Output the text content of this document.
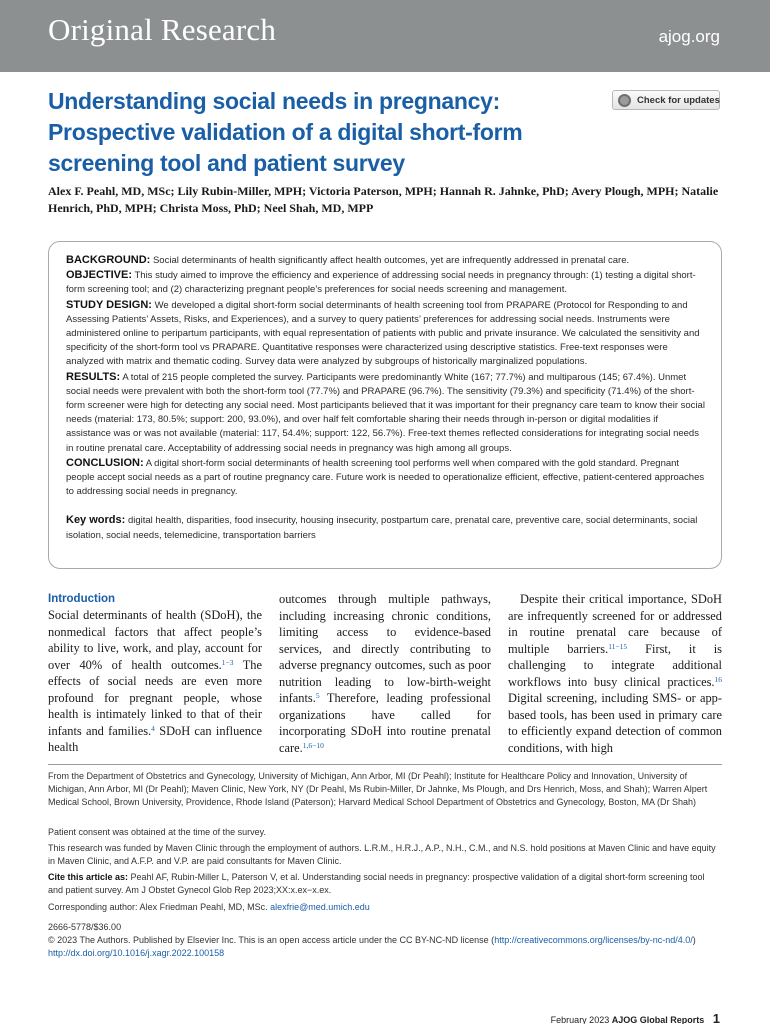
Original Research	ajog.org
Understanding social needs in pregnancy: Prospective validation of a digital short-form screening tool and patient survey
Check for updates
Alex F. Peahl, MD, MSc; Lily Rubin-Miller, MPH; Victoria Paterson, MPH; Hannah R. Jahnke, PhD; Avery Plough, MPH; Natalie Henrich, PhD, MPH; Christa Moss, PhD; Neel Shah, MD, MPP

BACKGROUND: Social determinants of health significantly affect health outcomes, yet are infrequently addressed in prenatal care.

OBJECTIVE: This study aimed to improve the efficiency and experience of addressing social needs in pregnancy through: (1) testing a digital short-form screening tool; and (2) characterizing pregnant people’s preferences for social needs screening and management.

STUDY DESIGN: We developed a digital short-form social determinants of health screening tool from PRAPARE (Protocol for Responding to and Assessing Patients’ Assets, Risks, and Experiences), and a survey to query patients’ preferences for addressing social needs. Instruments were administered online to peripartum participants, with equal representation of patients with public and private insurance. We calculated the sensitivity and specificity of the short-form tool vs PRAPARE. Quantitative responses were characterized using descriptive statistics. Free-text responses were analyzed with matrix and thematic coding. Survey data were analyzed by subgroups of historically marginalized populations.

RESULTS: A total of 215 people completed the survey. Participants were predominantly White (167; 77.7%) and multiparous (145; 67.4%). Unmet social needs were prevalent with both the short-form tool (77.7%) and PRAPARE (96.7%). The sensitivity (79.3%) and specificity (71.4%) of the short-form screener were high for detecting any social need. Most participants believed that it was important for their pregnancy care team to know their social needs (material: 173, 80.5%; support: 200, 93.0%), and over half felt comfortable sharing their needs through in-person or digital modalities if assistance was or was not available (material: 117, 54.4%; support: 122, 56.7%). Free-text themes reflected considerations for integrating social needs in routine prenatal care. Acceptability of addressing social needs in pregnancy was high among all groups.

CONCLUSION: A digital short-form social determinants of health screening tool performs well when compared with the gold standard. Pregnant people accept social needs as a part of routine pregnancy care. Future work is needed to operationalize efficient, effective, patient-centered approaches to addressing social needs in pregnancy.

Key words: digital health, disparities, food insecurity, housing insecurity, postpartum care, prenatal care, preventive care, social determinants, social isolation, social needs, telemedicine, transportation barriers

Introduction
Social determinants of health (SDoH), the nonmedical factors that affect people’s ability to live, work, and play, account for over 40% of health outcomes.$^{1-3}$ The effects of social needs are even more profound for pregnant people, whose health is intimately linked to that of their infants and families.$^4$ SDoH can influence health
outcomes through multiple pathways, including increasing chronic conditions, limiting access to evidence-based services, and directly contributing to adverse pregnancy outcomes, such as poor nutrition leading to low-birth-weight infants.$^5$ Therefore, leading professional organizations have called for incorporating SDoH into routine prenatal care.$^{1,6-10}$
Despite their critical importance, SDoH are infrequently screened for or addressed in routine prenatal care because of multiple barriers.$^{11-15}$ First, it is challenging to integrate additional workflows into busy clinical practices.$^{16}$ Digital screening, including SMS- or app-based tools, has been used in primary care to efficiently expand detection of common conditions, with high
From the Department of Obstetrics and Gynecology, University of Michigan, Ann Arbor, MI (Dr Peahl); Institute for Healthcare Policy and Innovation, University of Michigan, Ann Arbor, MI (Dr Peahl); Maven Clinic, New York, NY (Dr Peahl, Ms Rubin-Miller, Dr Jahnke, Ms Plough, and Drs Henrich, Moss, and Shah); Warren Alpert Medical School, Brown University, Providence, Rhode Island (Paterson); Harvard Medical School Department of Obstetrics and Gynecology, Boston, MA (Dr Shah)
Patient consent was obtained at the time of the survey.
This research was funded by Maven Clinic through the employment of authors. L.R.M., H.R.J., A.P., N.H., C.M., and N.S. hold positions at Maven Clinic and have equity in Maven Clinic, and A.F.P. and V.P. are paid consultants for Maven Clinic.
Cite this article as: Peahl AF, Rubin-Miller L, Paterson V, et al. Understanding social needs in pregnancy: prospective validation of a digital short-form screening tool and patient survey. Am J Obstet Gynecol Glob Rep 2023;XX:x.ex−x.ex.
Corresponding author: Alex Friedman Peahl, MD, MSc. alexfrie@med.umich.edu
2666-5778/$36.00
© 2023 The Authors. Published by Elsevier Inc. This is an open access article under the CC BY-NC-ND license (http://creativecommons.org/licenses/by-nc-nd/4.0/)
http://dx.doi.org/10.1016/j.xagr.2022.100158
February 2023 AJOG Global Reports 1
